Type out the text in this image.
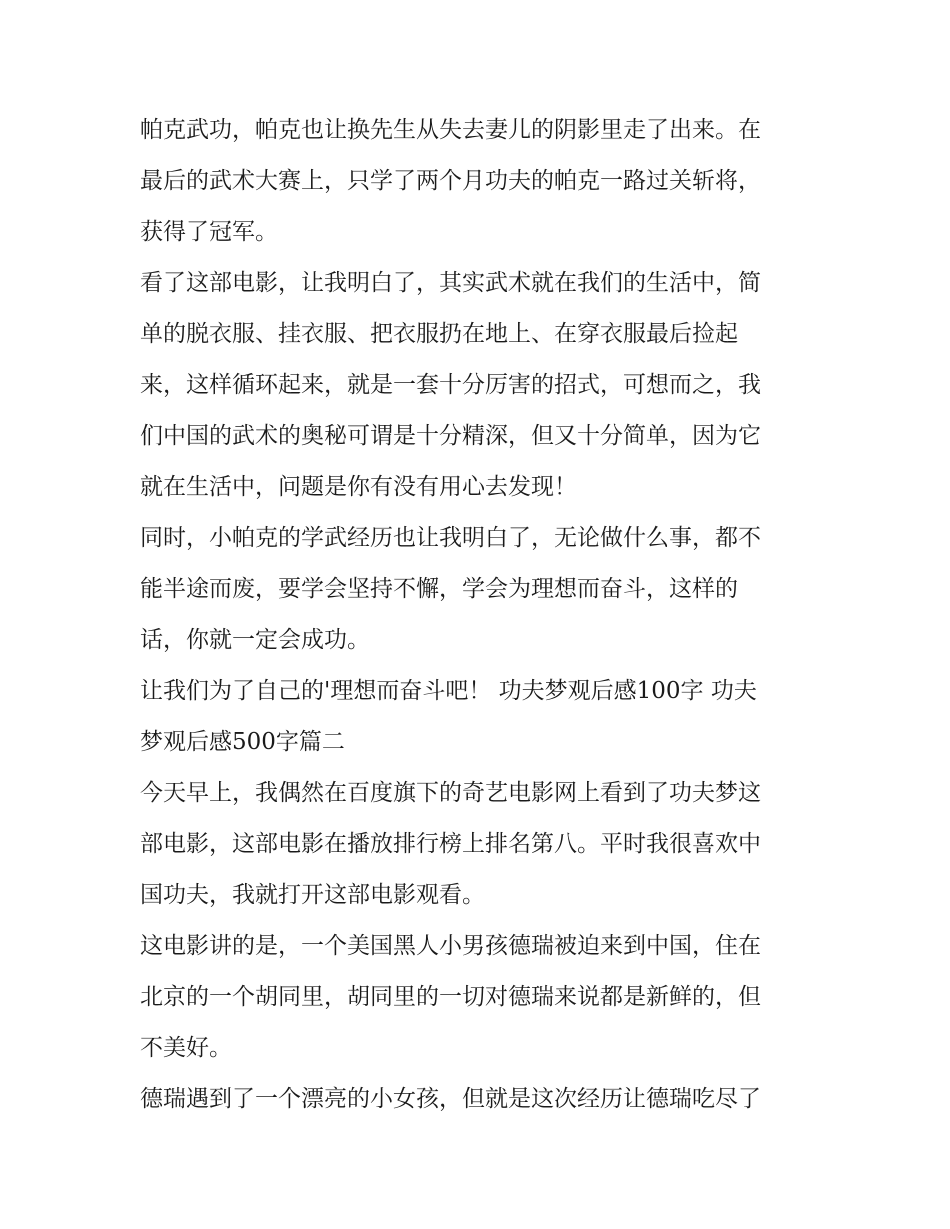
帕克武功，帕克也让换先生从失去妻儿的阴影里走了出来。在
最后的武术大赛上，只学了两个月功夫的帕克一路过关斩将，
获得了冠军。
看了这部电影，让我明白了，其实武术就在我们的生活中，简
单的脱衣服、挂衣服、把衣服扔在地上、在穿衣服最后捡起
来，这样循环起来，就是一套十分厉害的招式，可想而之，我
们中国的武术的奥秘可谓是十分精深，但又十分简单，因为它
就在生活中，问题是你有没有用心去发现！
同时，小帕克的学武经历也让我明白了，无论做什么事，都不
能半途而废，要学会坚持不懈，学会为理想而奋斗，这样的
话，你就一定会成功。
让我们为了自己的'理想而奋斗吧！ 功夫梦观后感100字 功夫
梦观后感500字篇二
今天早上，我偶然在百度旗下的奇艺电影网上看到了功夫梦这
部电影，这部电影在播放排行榜上排名第八。平时我很喜欢中
国功夫，我就打开这部电影观看。
这电影讲的是，一个美国黑人小男孩德瑞被迫来到中国，住在
北京的一个胡同里，胡同里的一切对德瑞来说都是新鲜的，但
不美好。
德瑞遇到了一个漂亮的小女孩，但就是这次经历让德瑞吃尽了
